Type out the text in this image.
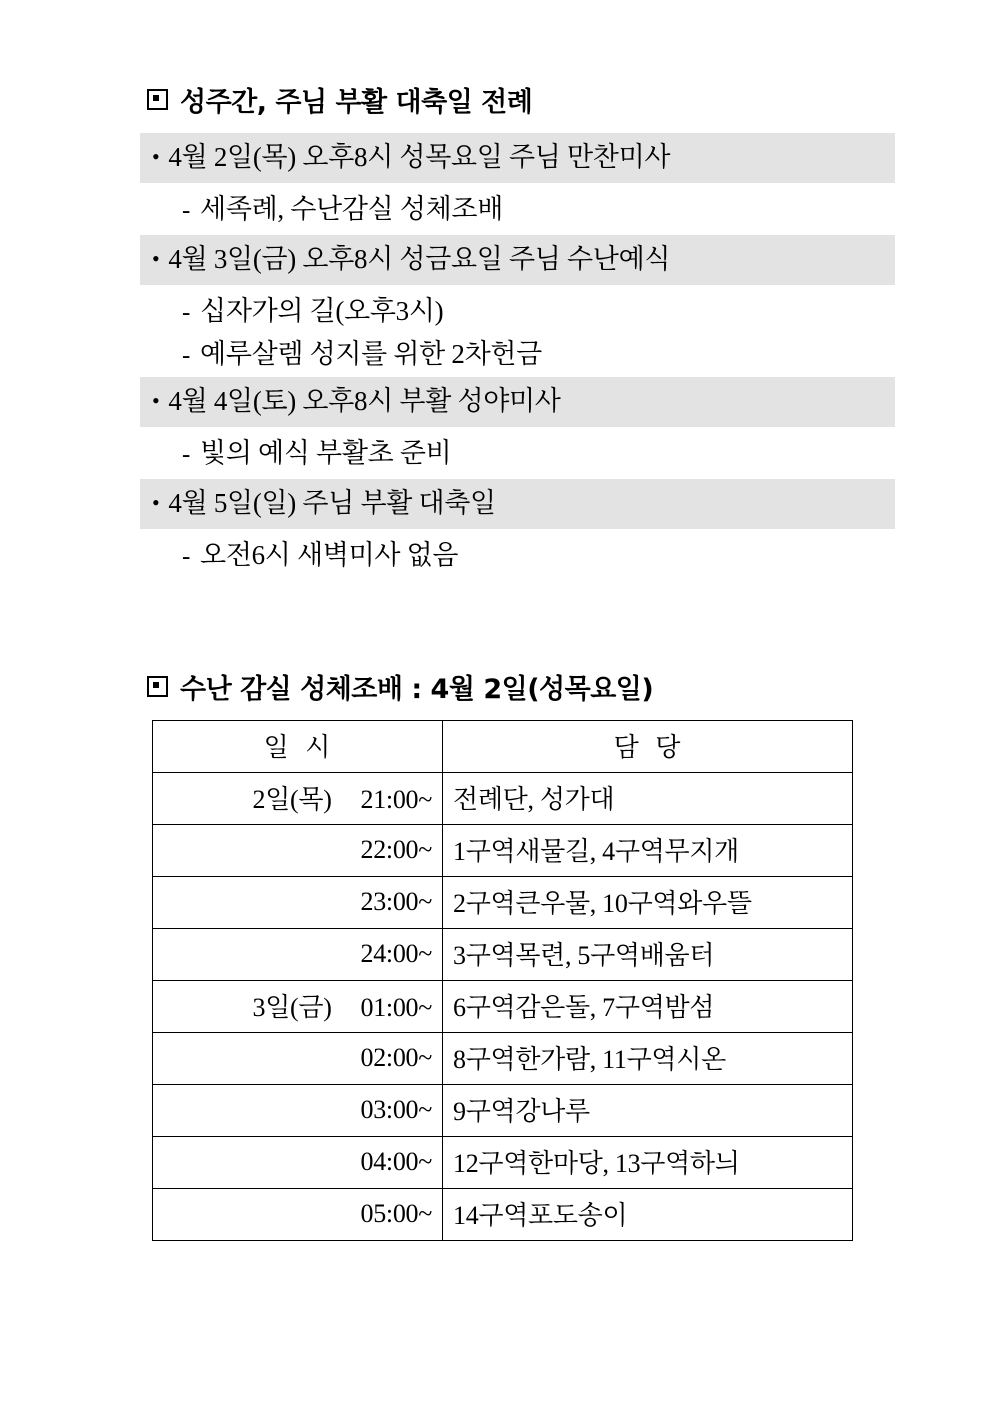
성주간, 주님 부활 대축일 전례
• 4월 2일(목) 오후8시 성목요일 주님 만찬미사
- 세족례, 수난감실 성체조배
• 4월 3일(금) 오후8시 성금요일 주님 수난예식
- 십자가의 길(오후3시)
- 예루살렘 성지를 위한 2차헌금
• 4월 4일(토) 오후8시 부활 성야미사
- 빛의 예식 부활초 준비
• 4월 5일(일) 주님 부활 대축일
- 오전6시 새벽미사 없음
수난 감실 성체조배 : 4월 2일(성목요일)
일 시	담 당
2일(목) 21:00~	전례단, 성가대
22:00~	1구역새물길, 4구역무지개
23:00~	2구역큰우물, 10구역와우뜰
24:00~	3구역목련, 5구역배움터
3일(금) 01:00~	6구역감은돌, 7구역밤섬
02:00~	8구역한가람, 11구역시온
03:00~	9구역강나루
04:00~	12구역한마당, 13구역하늬
05:00~	14구역포도송이
